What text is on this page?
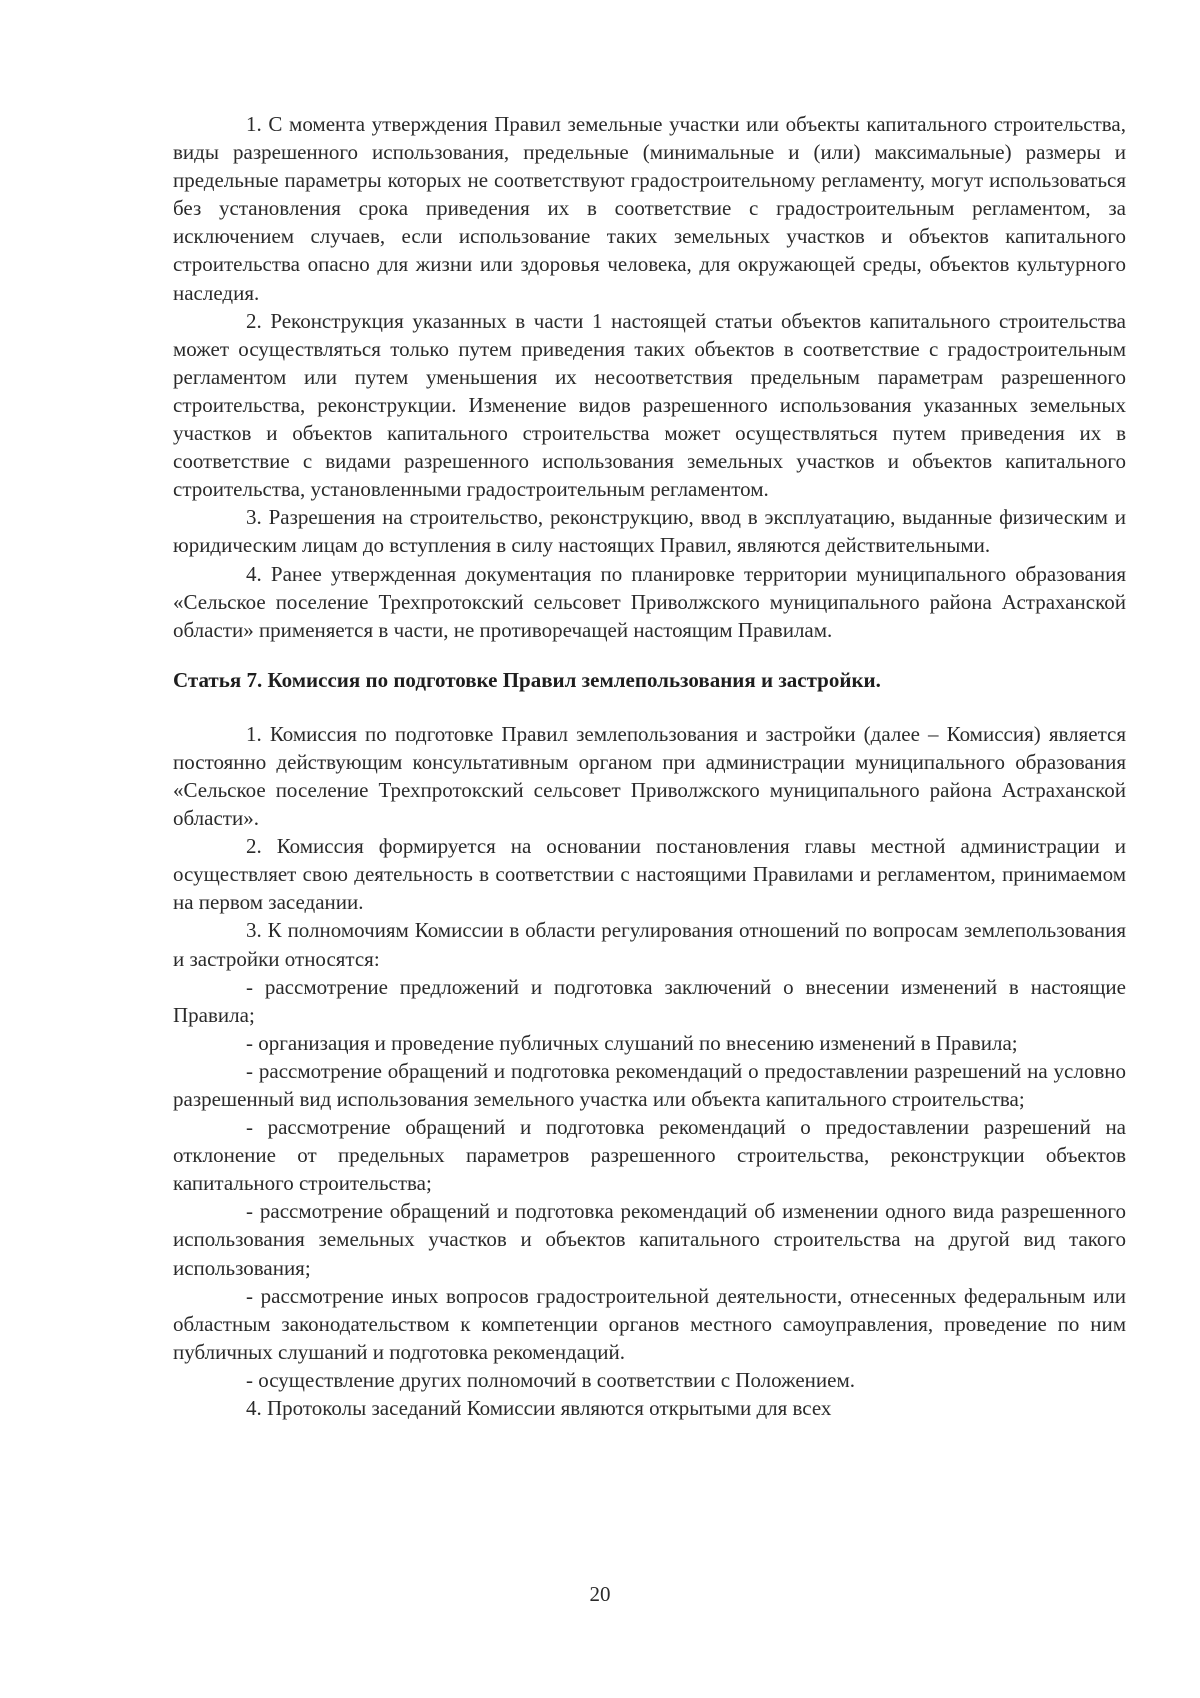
1. С момента утверждения Правил земельные участки или объекты капитального строительства, виды разрешенного использования, предельные (минимальные и (или) максимальные) размеры и предельные параметры которых не соответствуют градостроительному регламенту, могут использоваться без установления срока приведения их в соответствие с градостроительным регламентом, за исключением случаев, если использование таких земельных участков и объектов капитального строительства опасно для жизни или здоровья человека, для окружающей среды, объектов культурного наследия.

2. Реконструкция указанных в части 1 настоящей статьи объектов капитального строительства может осуществляться только путем приведения таких объектов в соответствие с градостроительным регламентом или путем уменьшения их несоответствия предельным параметрам разрешенного строительства, реконструкции. Изменение видов разрешенного использования указанных земельных участков и объектов капитального строительства может осуществляться путем приведения их в соответствие с видами разрешенного использования земельных участков и объектов капитального строительства, установленными градостроительным регламентом.

3. Разрешения на строительство, реконструкцию, ввод в эксплуатацию, выданные физическим и юридическим лицам до вступления в силу настоящих Правил, являются действительными.

4. Ранее утвержденная документация по планировке территории муниципального образования «Сельское поселение Трехпротокский сельсовет Приволжского муниципального района Астраханской области» применяется в части, не противоречащей настоящим Правилам.

Статья 7. Комиссия по подготовке Правил землепользования и застройки.

1. Комиссия по подготовке Правил землепользования и застройки (далее – Комиссия) является постоянно действующим консультативным органом при администрации муниципального образования «Сельское поселение Трехпротокский сельсовет Приволжского муниципального района Астраханской области».

2. Комиссия формируется на основании постановления главы местной администрации и осуществляет свою деятельность в соответствии с настоящими Правилами и регламентом, принимаемом на первом заседании.

3. К полномочиям Комиссии в области регулирования отношений по вопросам землепользования и застройки относятся:

- рассмотрение предложений и подготовка заключений о внесении изменений в настоящие Правила;

- организация и проведение публичных слушаний по внесению изменений в Правила;

- рассмотрение обращений и подготовка рекомендаций о предоставлении разрешений на условно разрешенный вид использования земельного участка или объекта капитального строительства;

- рассмотрение обращений и подготовка рекомендаций о предоставлении разрешений на отклонение от предельных параметров разрешенного строительства, реконструкции объектов капитального строительства;

- рассмотрение обращений и подготовка рекомендаций об изменении одного вида разрешенного использования земельных участков и объектов капитального строительства на другой вид такого использования;

- рассмотрение иных вопросов градостроительной деятельности, отнесенных федеральным или областным законодательством к компетенции органов местного самоуправления, проведение по ним публичных слушаний и подготовка рекомендаций.

- осуществление других полномочий в соответствии с Положением.

4. Протоколы заседаний Комиссии являются открытыми для всех

20
